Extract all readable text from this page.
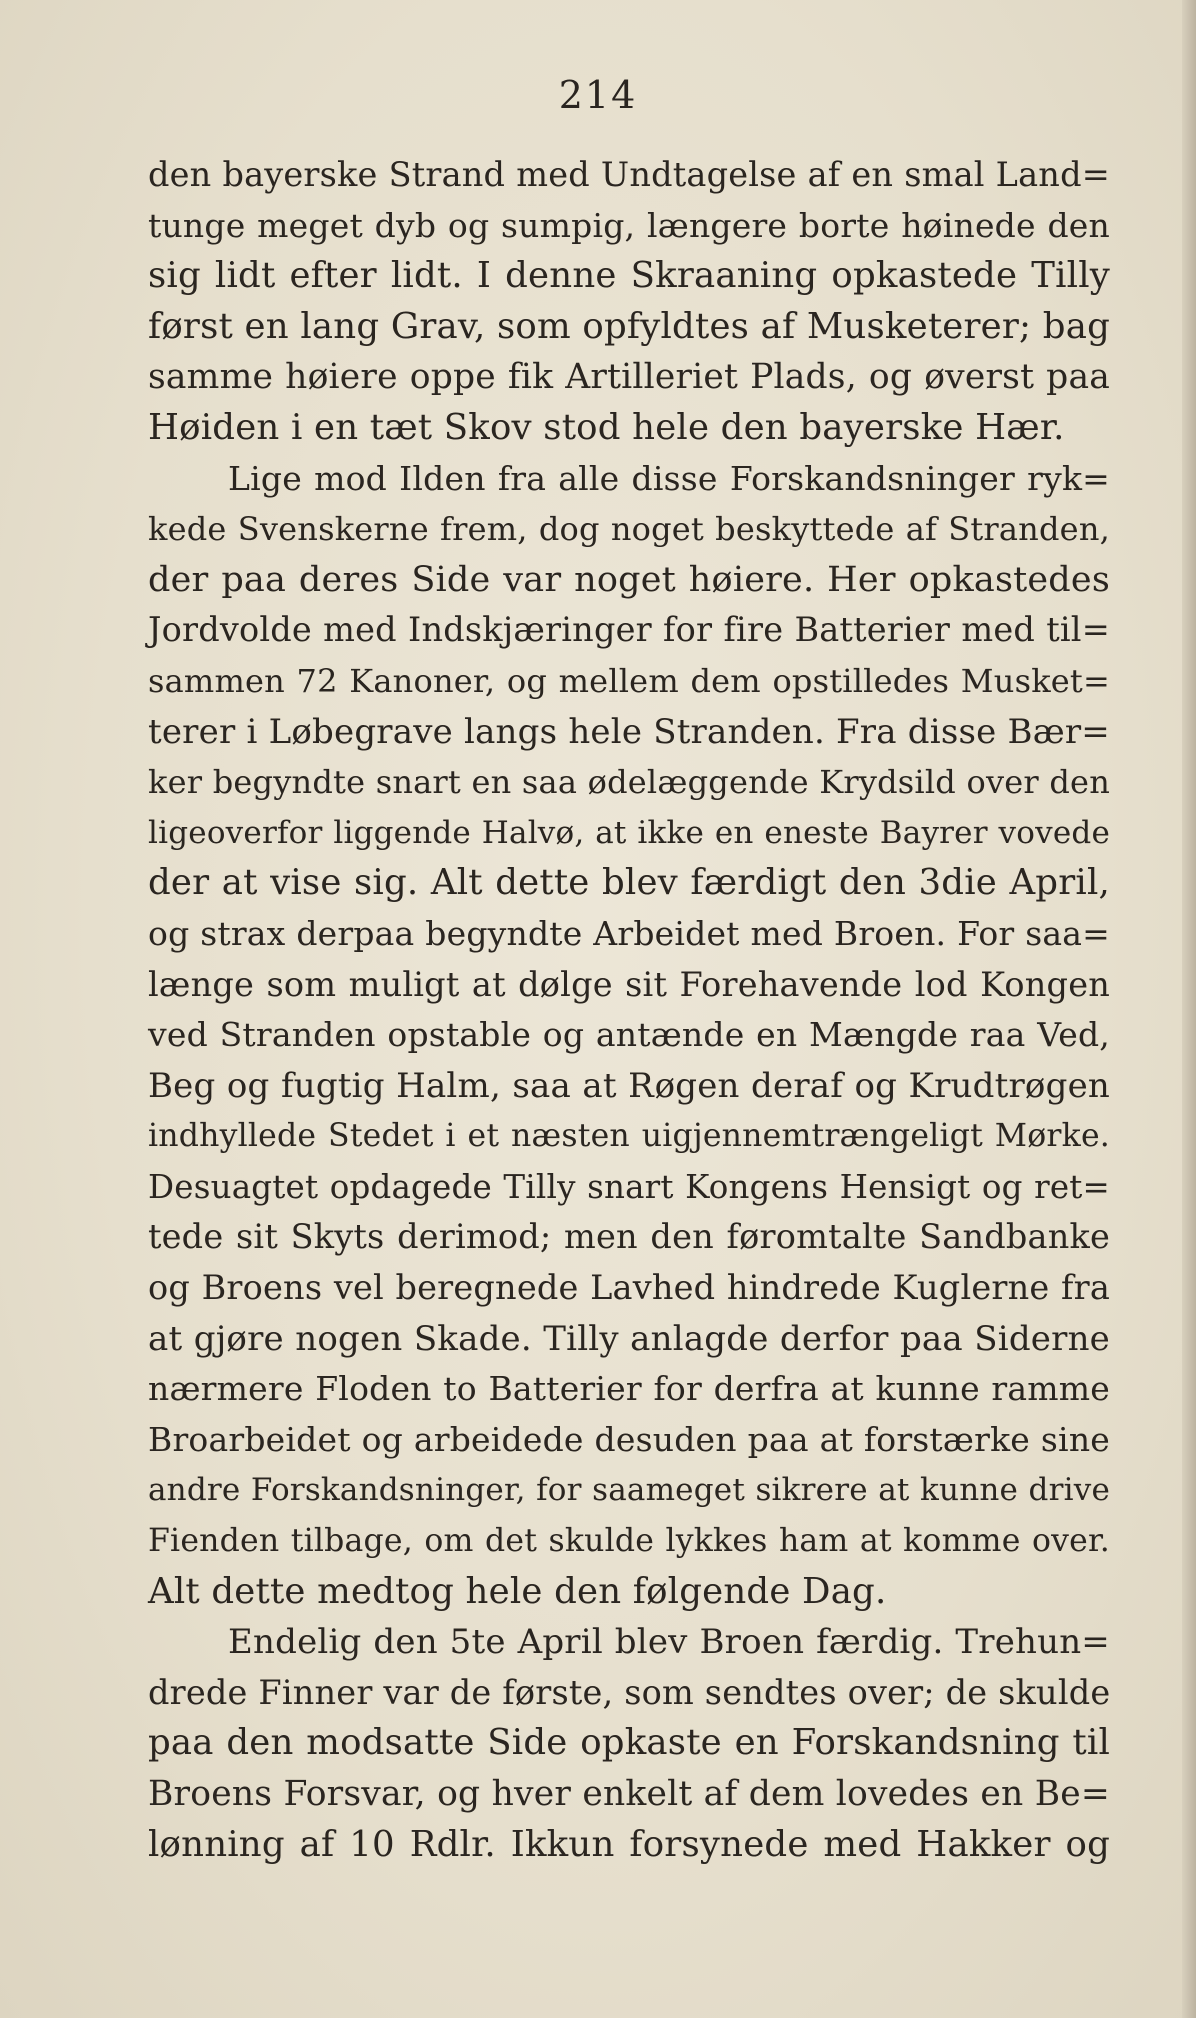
214
den bayerske Strand med Undtagelse af en smal Land=
tunge meget dyb og sumpig, længere borte høinede den
sig lidt efter lidt. I denne Skraaning opkastede Tilly
først en lang Grav, som opfyldtes af Musketerer; bag
samme høiere oppe fik Artilleriet Plads, og øverst paa
Høiden i en tæt Skov stod hele den bayerske Hær.
Lige mod Ilden fra alle disse Forskandsninger ryk=
kede Svenskerne frem, dog noget beskyttede af Stranden,
der paa deres Side var noget høiere. Her opkastedes
Jordvolde med Indskjæringer for fire Batterier med til=
sammen 72 Kanoner, og mellem dem opstilledes Musket=
terer i Løbegrave langs hele Stranden. Fra disse Bær=
ker begyndte snart en saa ødelæggende Krydsild over den
ligeoverfor liggende Halvø, at ikke en eneste Bayrer vovede
der at vise sig. Alt dette blev færdigt den 3die April,
og strax derpaa begyndte Arbeidet med Broen. For saa=
længe som muligt at dølge sit Forehavende lod Kongen
ved Stranden opstable og antænde en Mængde raa Ved,
Beg og fugtig Halm, saa at Røgen deraf og Krudtrøgen
indhyllede Stedet i et næsten uigjennemtrængeligt Mørke.
Desuagtet opdagede Tilly snart Kongens Hensigt og ret=
tede sit Skyts derimod; men den føromtalte Sandbanke
og Broens vel beregnede Lavhed hindrede Kuglerne fra
at gjøre nogen Skade. Tilly anlagde derfor paa Siderne
nærmere Floden to Batterier for derfra at kunne ramme
Broarbeidet og arbeidede desuden paa at forstærke sine
andre Forskandsninger, for saameget sikrere at kunne drive
Fienden tilbage, om det skulde lykkes ham at komme over.
Alt dette medtog hele den følgende Dag.
Endelig den 5te April blev Broen færdig. Trehun=
drede Finner var de første, som sendtes over; de skulde
paa den modsatte Side opkaste en Forskandsning til
Broens Forsvar, og hver enkelt af dem lovedes en Be=
lønning af 10 Rdlr. Ikkun forsynede med Hakker og
